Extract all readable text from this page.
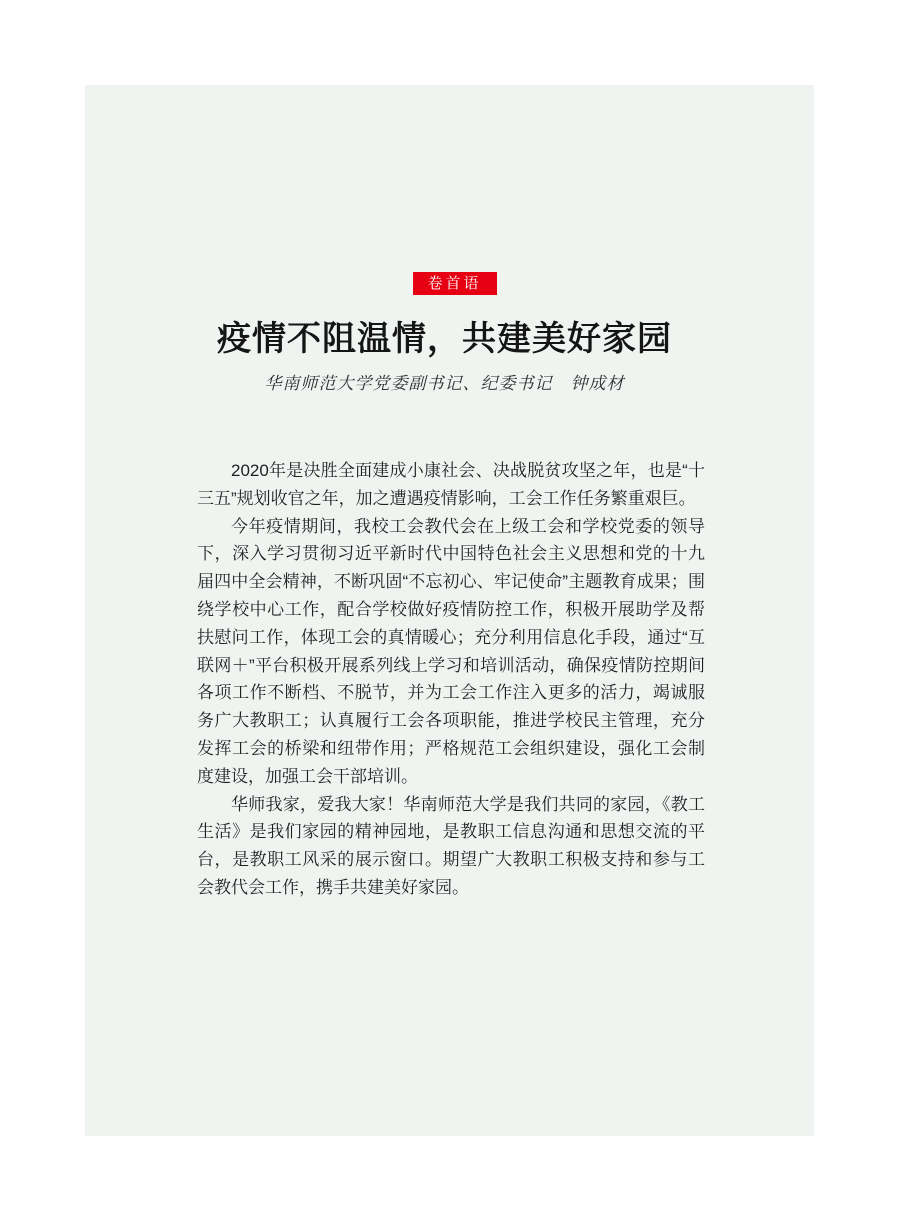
卷首语
疫情不阻温情，共建美好家园
华南师范大学党委副书记、纪委书记　钟成材

2020年是决胜全面建成小康社会、决战脱贫攻坚之年，也是“十三五”规划收官之年，加之遭遇疫情影响，工会工作任务繁重艰巨。

今年疫情期间，我校工会教代会在上级工会和学校党委的领导下，深入学习贯彻习近平新时代中国特色社会主义思想和党的十九届四中全会精神，不断巩固“不忘初心、牢记使命”主题教育成果；围绕学校中心工作，配合学校做好疫情防控工作，积极开展助学及帮扶慰问工作，体现工会的真情暖心；充分利用信息化手段，通过“互联网＋”平台积极开展系列线上学习和培训活动，确保疫情防控期间各项工作不断档、不脱节，并为工会工作注入更多的活力，竭诚服务广大教职工；认真履行工会各项职能，推进学校民主管理，充分发挥工会的桥梁和纽带作用；严格规范工会组织建设，强化工会制度建设，加强工会干部培训。

华师我家，爱我大家！华南师范大学是我们共同的家园，《教工生活》是我们家园的精神园地，是教职工信息沟通和思想交流的平台，是教职工风采的展示窗口。期望广大教职工积极支持和参与工会教代会工作，携手共建美好家园。
